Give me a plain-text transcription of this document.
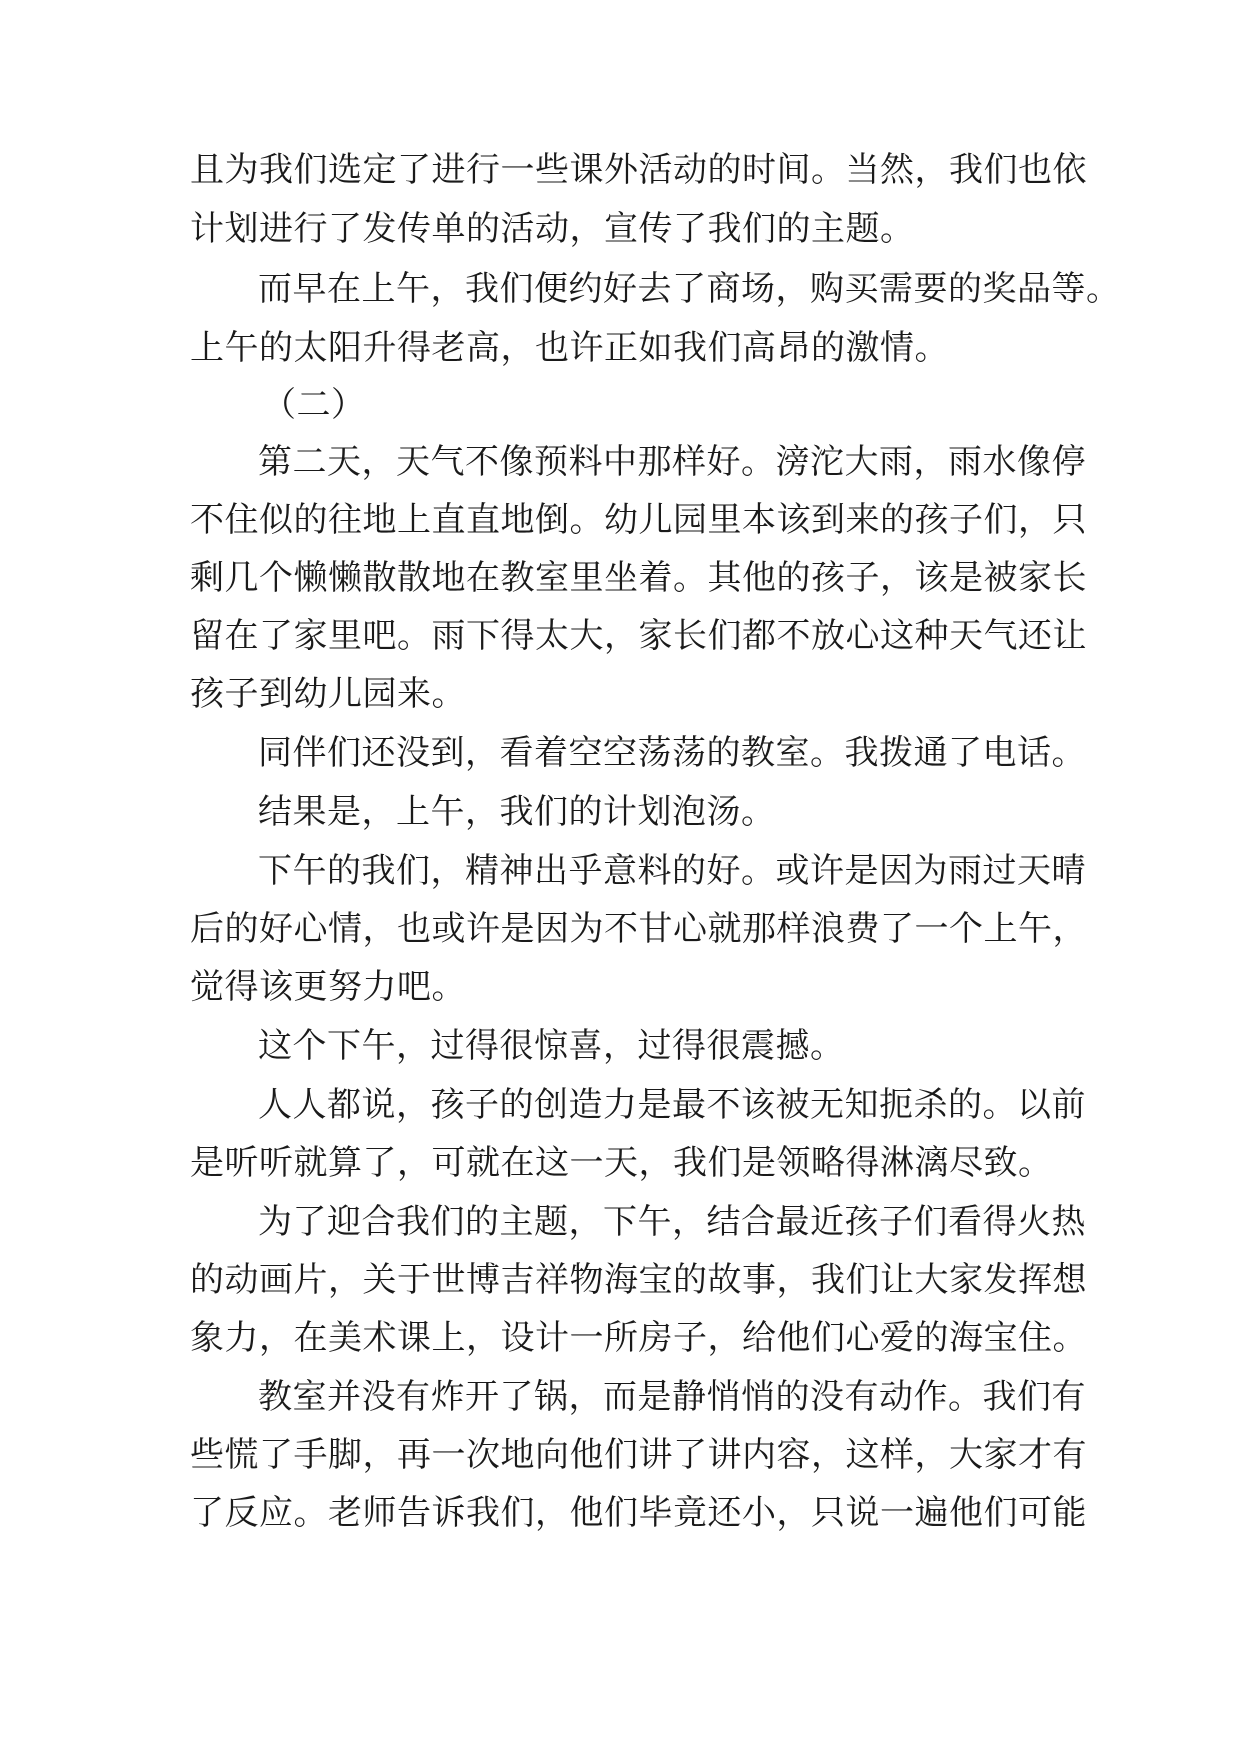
且为我们选定了进行一些课外活动的时间。当然，我们也依
计划进行了发传单的活动，宣传了我们的主题。
而早在上午，我们便约好去了商场，购买需要的奖品等。
上午的太阳升得老高，也许正如我们高昂的激情。
（二）
第二天，天气不像预料中那样好。滂沱大雨，雨水像停
不住似的往地上直直地倒。幼儿园里本该到来的孩子们，只
剩几个懒懒散散地在教室里坐着。其他的孩子，该是被家长
留在了家里吧。雨下得太大，家长们都不放心这种天气还让
孩子到幼儿园来。
同伴们还没到，看着空空荡荡的教室。我拨通了电话。
结果是，上午，我们的计划泡汤。
下午的我们，精神出乎意料的好。或许是因为雨过天晴
后的好心情，也或许是因为不甘心就那样浪费了一个上午，
觉得该更努力吧。
这个下午，过得很惊喜，过得很震撼。
人人都说，孩子的创造力是最不该被无知扼杀的。以前
是听听就算了，可就在这一天，我们是领略得淋漓尽致。
为了迎合我们的主题，下午，结合最近孩子们看得火热
的动画片，关于世博吉祥物海宝的故事，我们让大家发挥想
象力，在美术课上，设计一所房子，给他们心爱的海宝住。
教室并没有炸开了锅，而是静悄悄的没有动作。我们有
些慌了手脚，再一次地向他们讲了讲内容，这样，大家才有
了反应。老师告诉我们，他们毕竟还小，只说一遍他们可能
